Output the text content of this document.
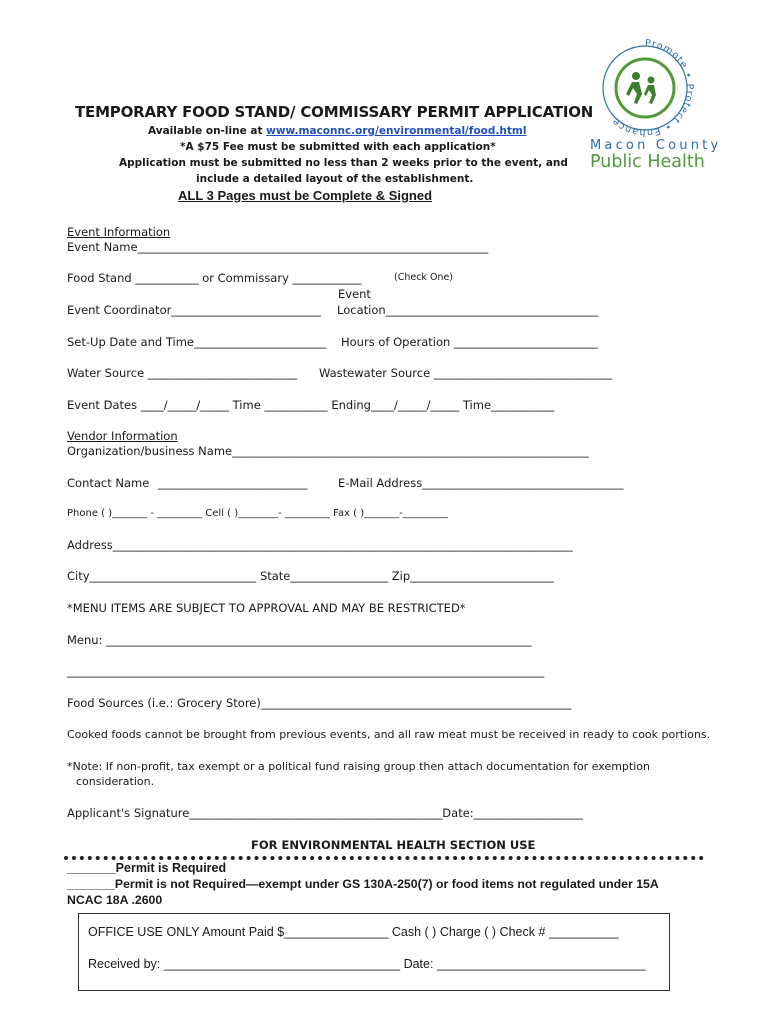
Promote • Protect • Enhance
Macon County
Public Health
TEMPORARY FOOD STAND/ COMMISSARY PERMIT APPLICATION
Available on-line at www.maconnc.org/environmental/food.html
*A $75 Fee must be submitted with each application*
Application must be submitted no less than 2 weeks prior to the event, and
include a detailed layout of the establishment.
ALL 3 Pages must be Complete & Signed
Event Information
Event Name_____________________________________________________________
Food Stand ___________ or Commissary ____________	(Check One)
Event
Event Coordinator__________________________ Location_____________________________________
Set-Up Date and Time_______________________ Hours of Operation _________________________
Water Source __________________________ Wastewater Source _______________________________
Event Dates ____/_____/_____ Time ___________ Ending____/_____/_____ Time___________
Vendor Information
Organization/business Name______________________________________________________________
Contact Name __________________________	E-Mail Address___________________________________
Phone ( )_______ - _________ Cell ( )________- _________ Fax ( )_______-_________
Address________________________________________________________________________________
City_____________________________ State_________________ Zip_________________________
*MENU ITEMS ARE SUBJECT TO APPROVAL AND MAY BE RESTRICTED*
Menu: __________________________________________________________________________
___________________________________________________________________________________
Food Sources (i.e.: Grocery Store)______________________________________________________
Cooked foods cannot be brought from previous events, and all raw meat must be received in ready to cook portions.
*Note: If non-profit, tax exempt or a political fund raising group then attach documentation for exemption
consideration.
Applicant's Signature____________________________________________Date:___________________
FOR ENVIRONMENTAL HEALTH SECTION USE
_______Permit is Required
_______Permit is not Required—exempt under GS 130A-250(7) or food items not regulated under 15A
NCAC 18A .2600
OFFICE USE ONLY Amount Paid $_______________ Cash ( ) Charge ( ) Check # __________
Received by: __________________________________ Date: ______________________________
